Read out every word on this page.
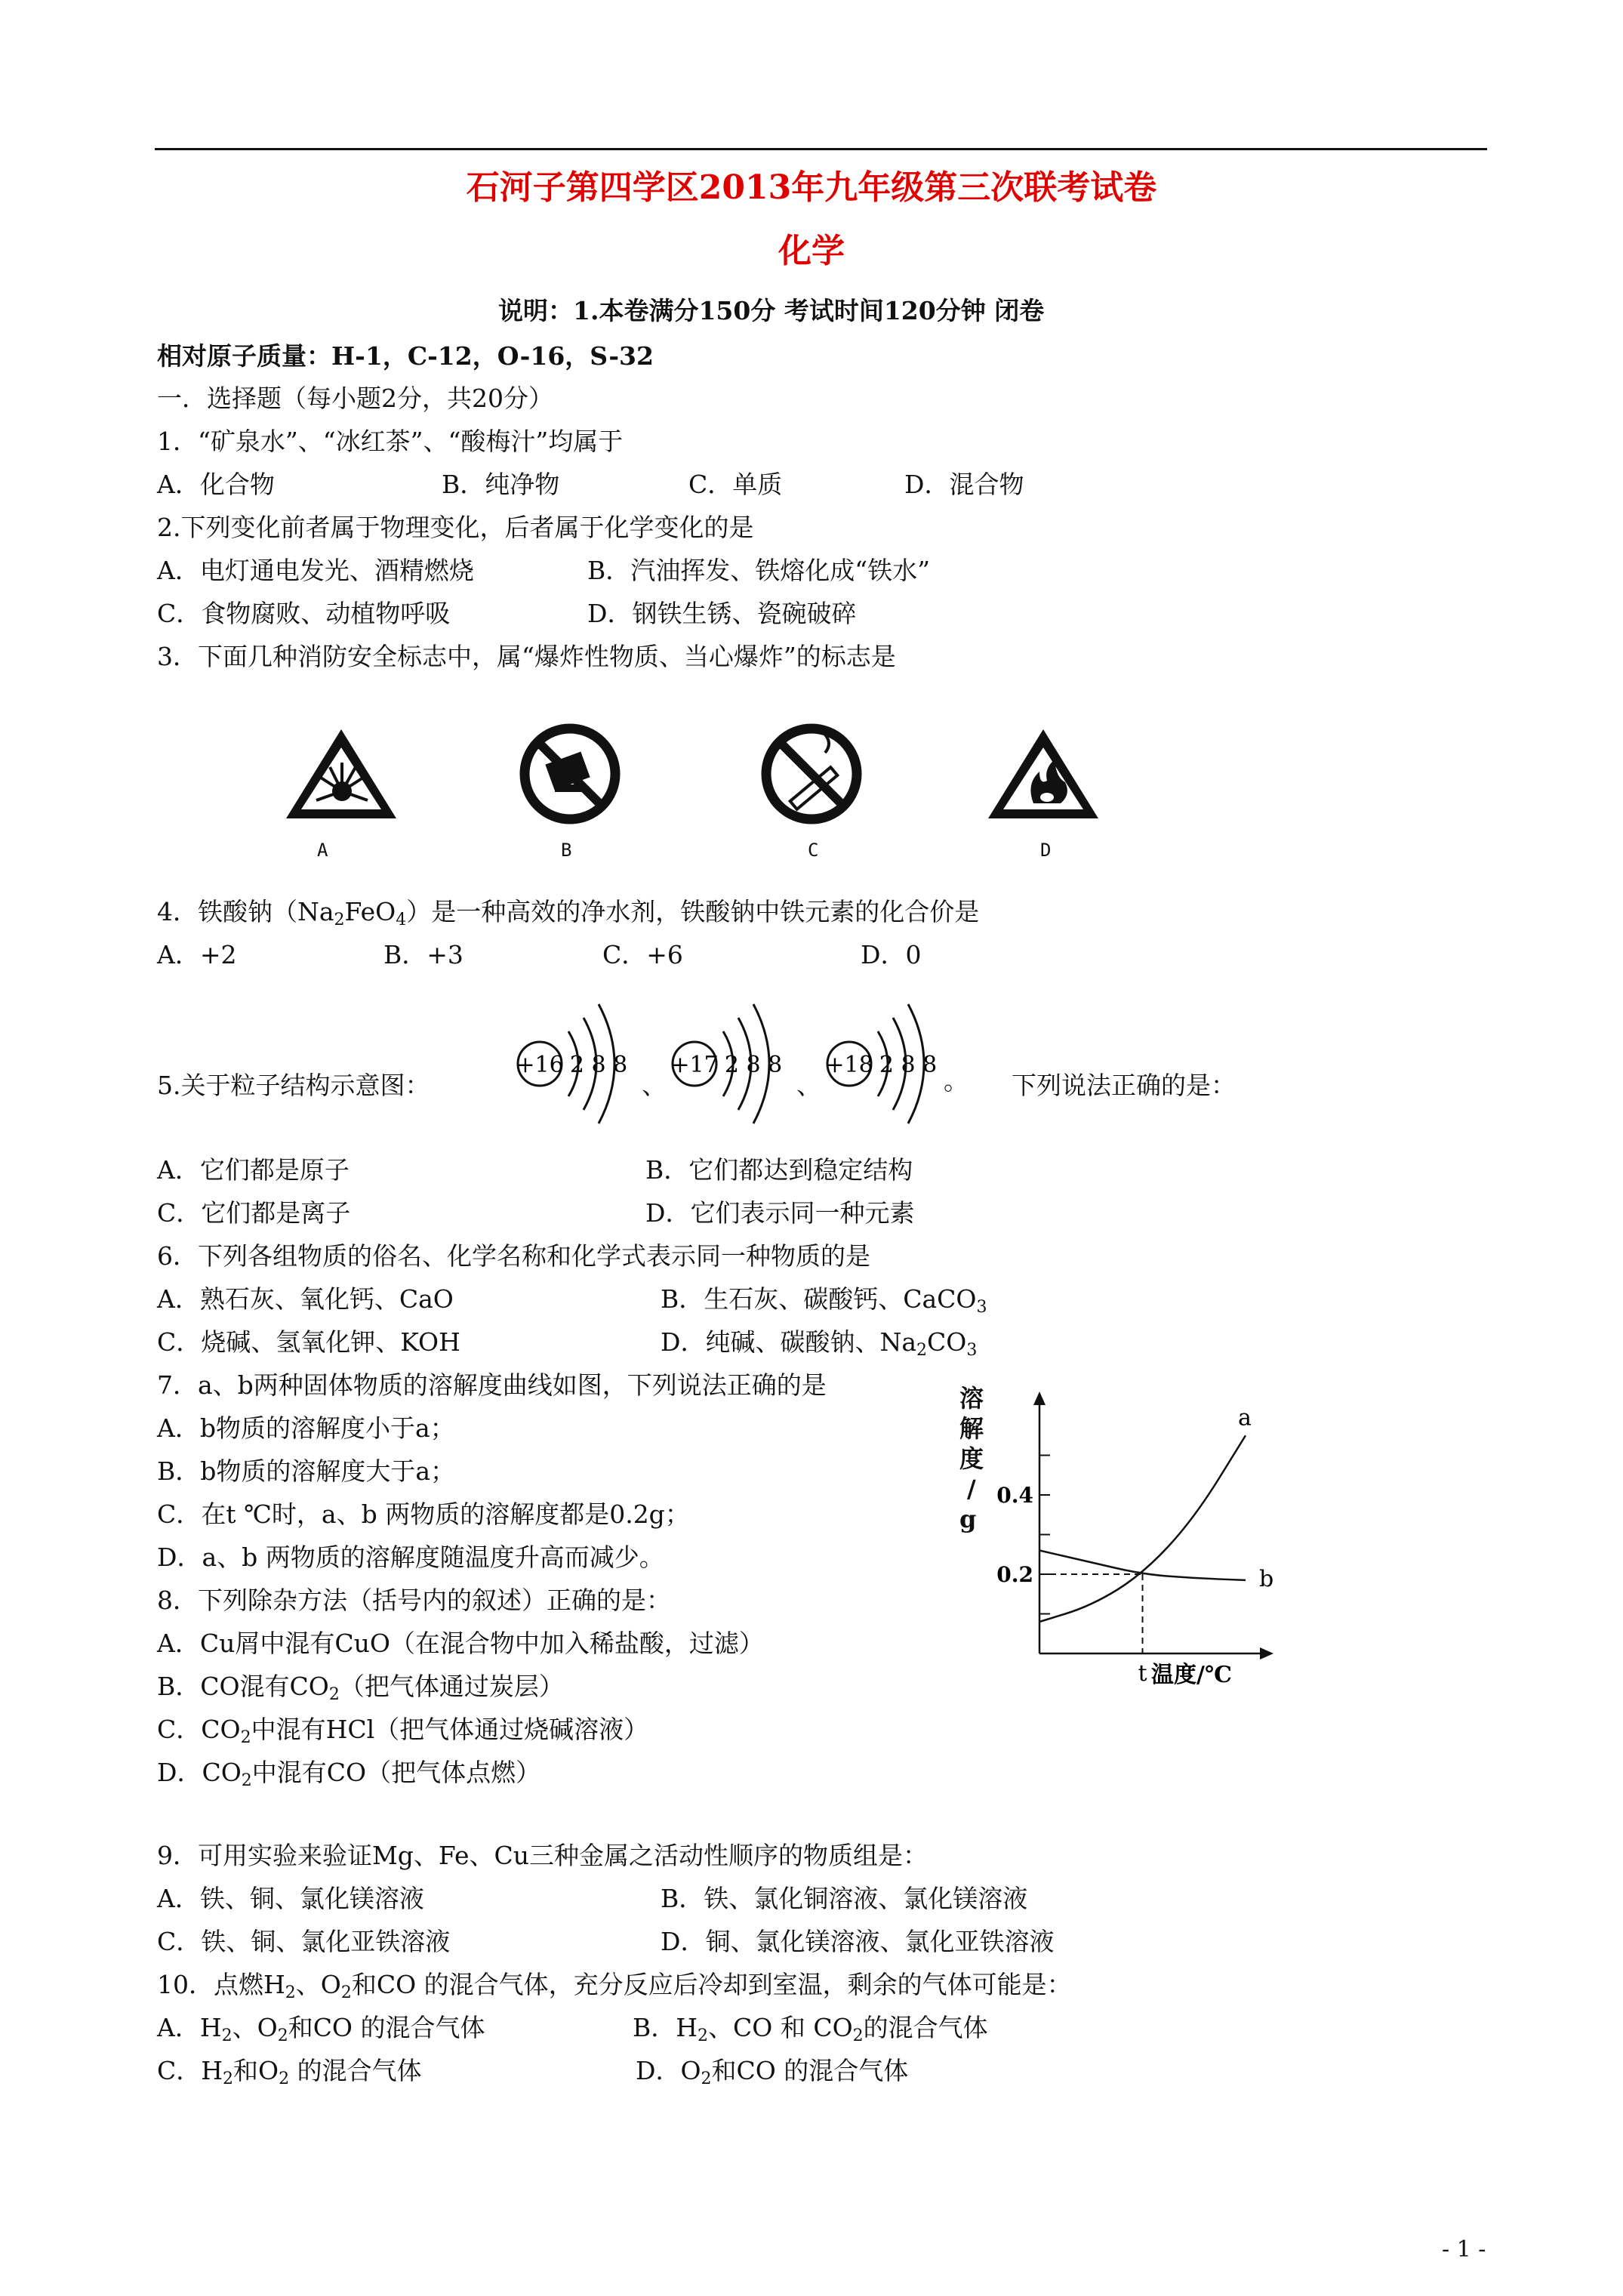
石河子第四学区2013年九年级第三次联考试卷
化学
说明：1.本卷满分150分 考试时间120分钟 闭卷
相对原子质量：H-1，C-12，O-16，S-32
一．选择题（每小题2分，共20分）
1．“矿泉水”、“冰红茶”、“酸梅汁”均属于
A．化合物	B．纯净物	C．单质	D．混合物
2.下列变化前者属于物理变化，后者属于化学变化的是
A．电灯通电发光、酒精燃烧	B．汽油挥发、铁熔化成“铁水”
C．食物腐败、动植物呼吸	D．钢铁生锈、瓷碗破碎
3．下面几种消防安全标志中，属“爆炸性物质、当心爆炸”的标志是
A	B	C	D
4．铁酸钠$(Na_2FeO_4)$是一种高效的净水剂，铁酸钠中铁元素的化合价是
A．+2	B．+3	C．+6	D．0
5.关于粒子结构示意图：
+16 2 8 8
、
+17 2 8 8
、
+18 2 8 8
。 下列说法正确的是：
A．它们都是原子	B．它们都达到稳定结构
C．它们都是离子	D．它们表示同一种元素
6．下列各组物质的俗名、化学名称和化学式表示同一种物质的是
A．熟石灰、氧化钙、CaO	B．生石灰、碳酸钙、CaCO$_3$
C．烧碱、氢氧化钾、KOH	D．纯碱、碳酸钠、$Na_2CO_3$
7．a、b两种固体物质的溶解度曲线如图，下列说法正确的是
A．b物质的溶解度小于a；
B．b物质的溶解度大于a；
C．在t ℃时，a、b 两物质的溶解度都是0.2g；
D．a、b 两物质的溶解度随温度升高而减少。
溶
解
度
/
g
0.4
0.2
a
b
t 温度/℃
8．下列除杂方法（括号内的叙述）正确的是：
A．Cu屑中混有CuO（在混合物中加入稀盐酸，过滤）
B．CO混有$CO_2$（把气体通过炭层）
C．$CO_2$中混有HCl（把气体通过烧碱溶液）
D．$CO_2$中混有CO（把气体点燃）
9．可用实验来验证Mg、Fe、Cu三种金属之活动性顺序的物质组是：
A．铁、铜、氯化镁溶液	B．铁、氯化铜溶液、氯化镁溶液
C．铁、铜、氯化亚铁溶液	D．铜、氯化镁溶液、氯化亚铁溶液
10．点燃$H_2$、$O_2$和CO 的混合气体，充分反应后冷却到室温，剩余的气体可能是：
A．$H_2$、$O_2$和CO 的混合气体	B．$H_2$、CO 和 $CO_2$的混合气体
C．$H_2$和$O_2$ 的混合气体	D．$O_2$和CO 的混合气体
- 1 -
